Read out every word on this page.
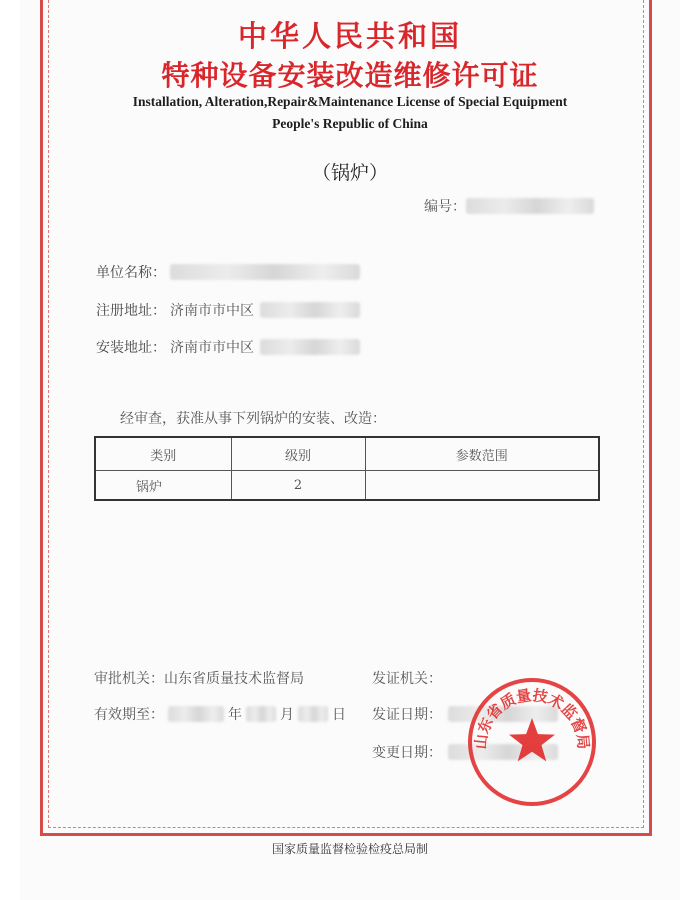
中华人民共和国
特种设备安装改造维修许可证
Installation, Alteration,Repair&Maintenance License of Special Equipment
People's Republic of China
（锅炉）
编号：
单位名称：
注册地址： 济南市市中区
安装地址： 济南市市中区
经审查，获准从事下列锅炉的安装、改造：
类别	级别	参数范围
锅炉	2	
审批机关： 山东省质量技术监督局	发证机关：
有效期至：	年	月	日 发证日期：
变更日期：
山东省质量技术监督局
国家质量监督检验检疫总局制
